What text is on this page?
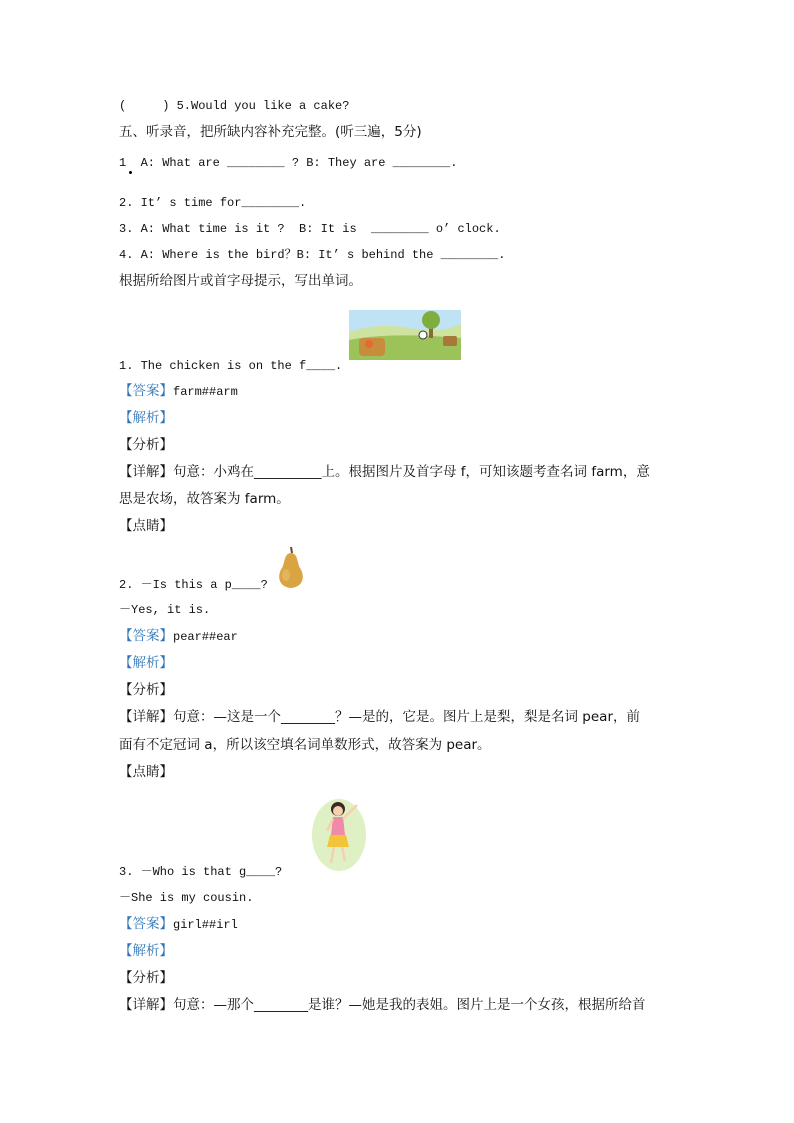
(     ) 5.Would you like a cake?
五、听录音，把所缺内容补充完整。(听三遍，5分)
1  A: What are ________ ? B: They are ________.
2. It’ s time for________.
3. A: What time is it ?  B: It is  ________ o’ clock.
4. A: Where is the bird？B: It’ s behind the ________.
根据所给图片或首字母提示，写出单词。
1. The chicken is on the f____.
【答案】farm##arm
【解析】
【分析】
【详解】句意：小鸡在__________上。根据图片及首字母 f，可知该题考查名词 farm，意
思是农场，故答案为 farm。
【点睛】
2. －Is this a p____?
－Yes, it is.
【答案】pear##ear
【解析】
【分析】
【详解】句意：—这是一个________？—是的，它是。图片上是梨，梨是名词 pear，前
面有不定冠词 a，所以该空填名词单数形式，故答案为 pear。
【点睛】
3. －Who is that g____?
－She is my cousin.
【答案】girl##irl
【解析】
【分析】
【详解】句意：—那个________是谁？—她是我的表姐。图片上是一个女孩，根据所给首
